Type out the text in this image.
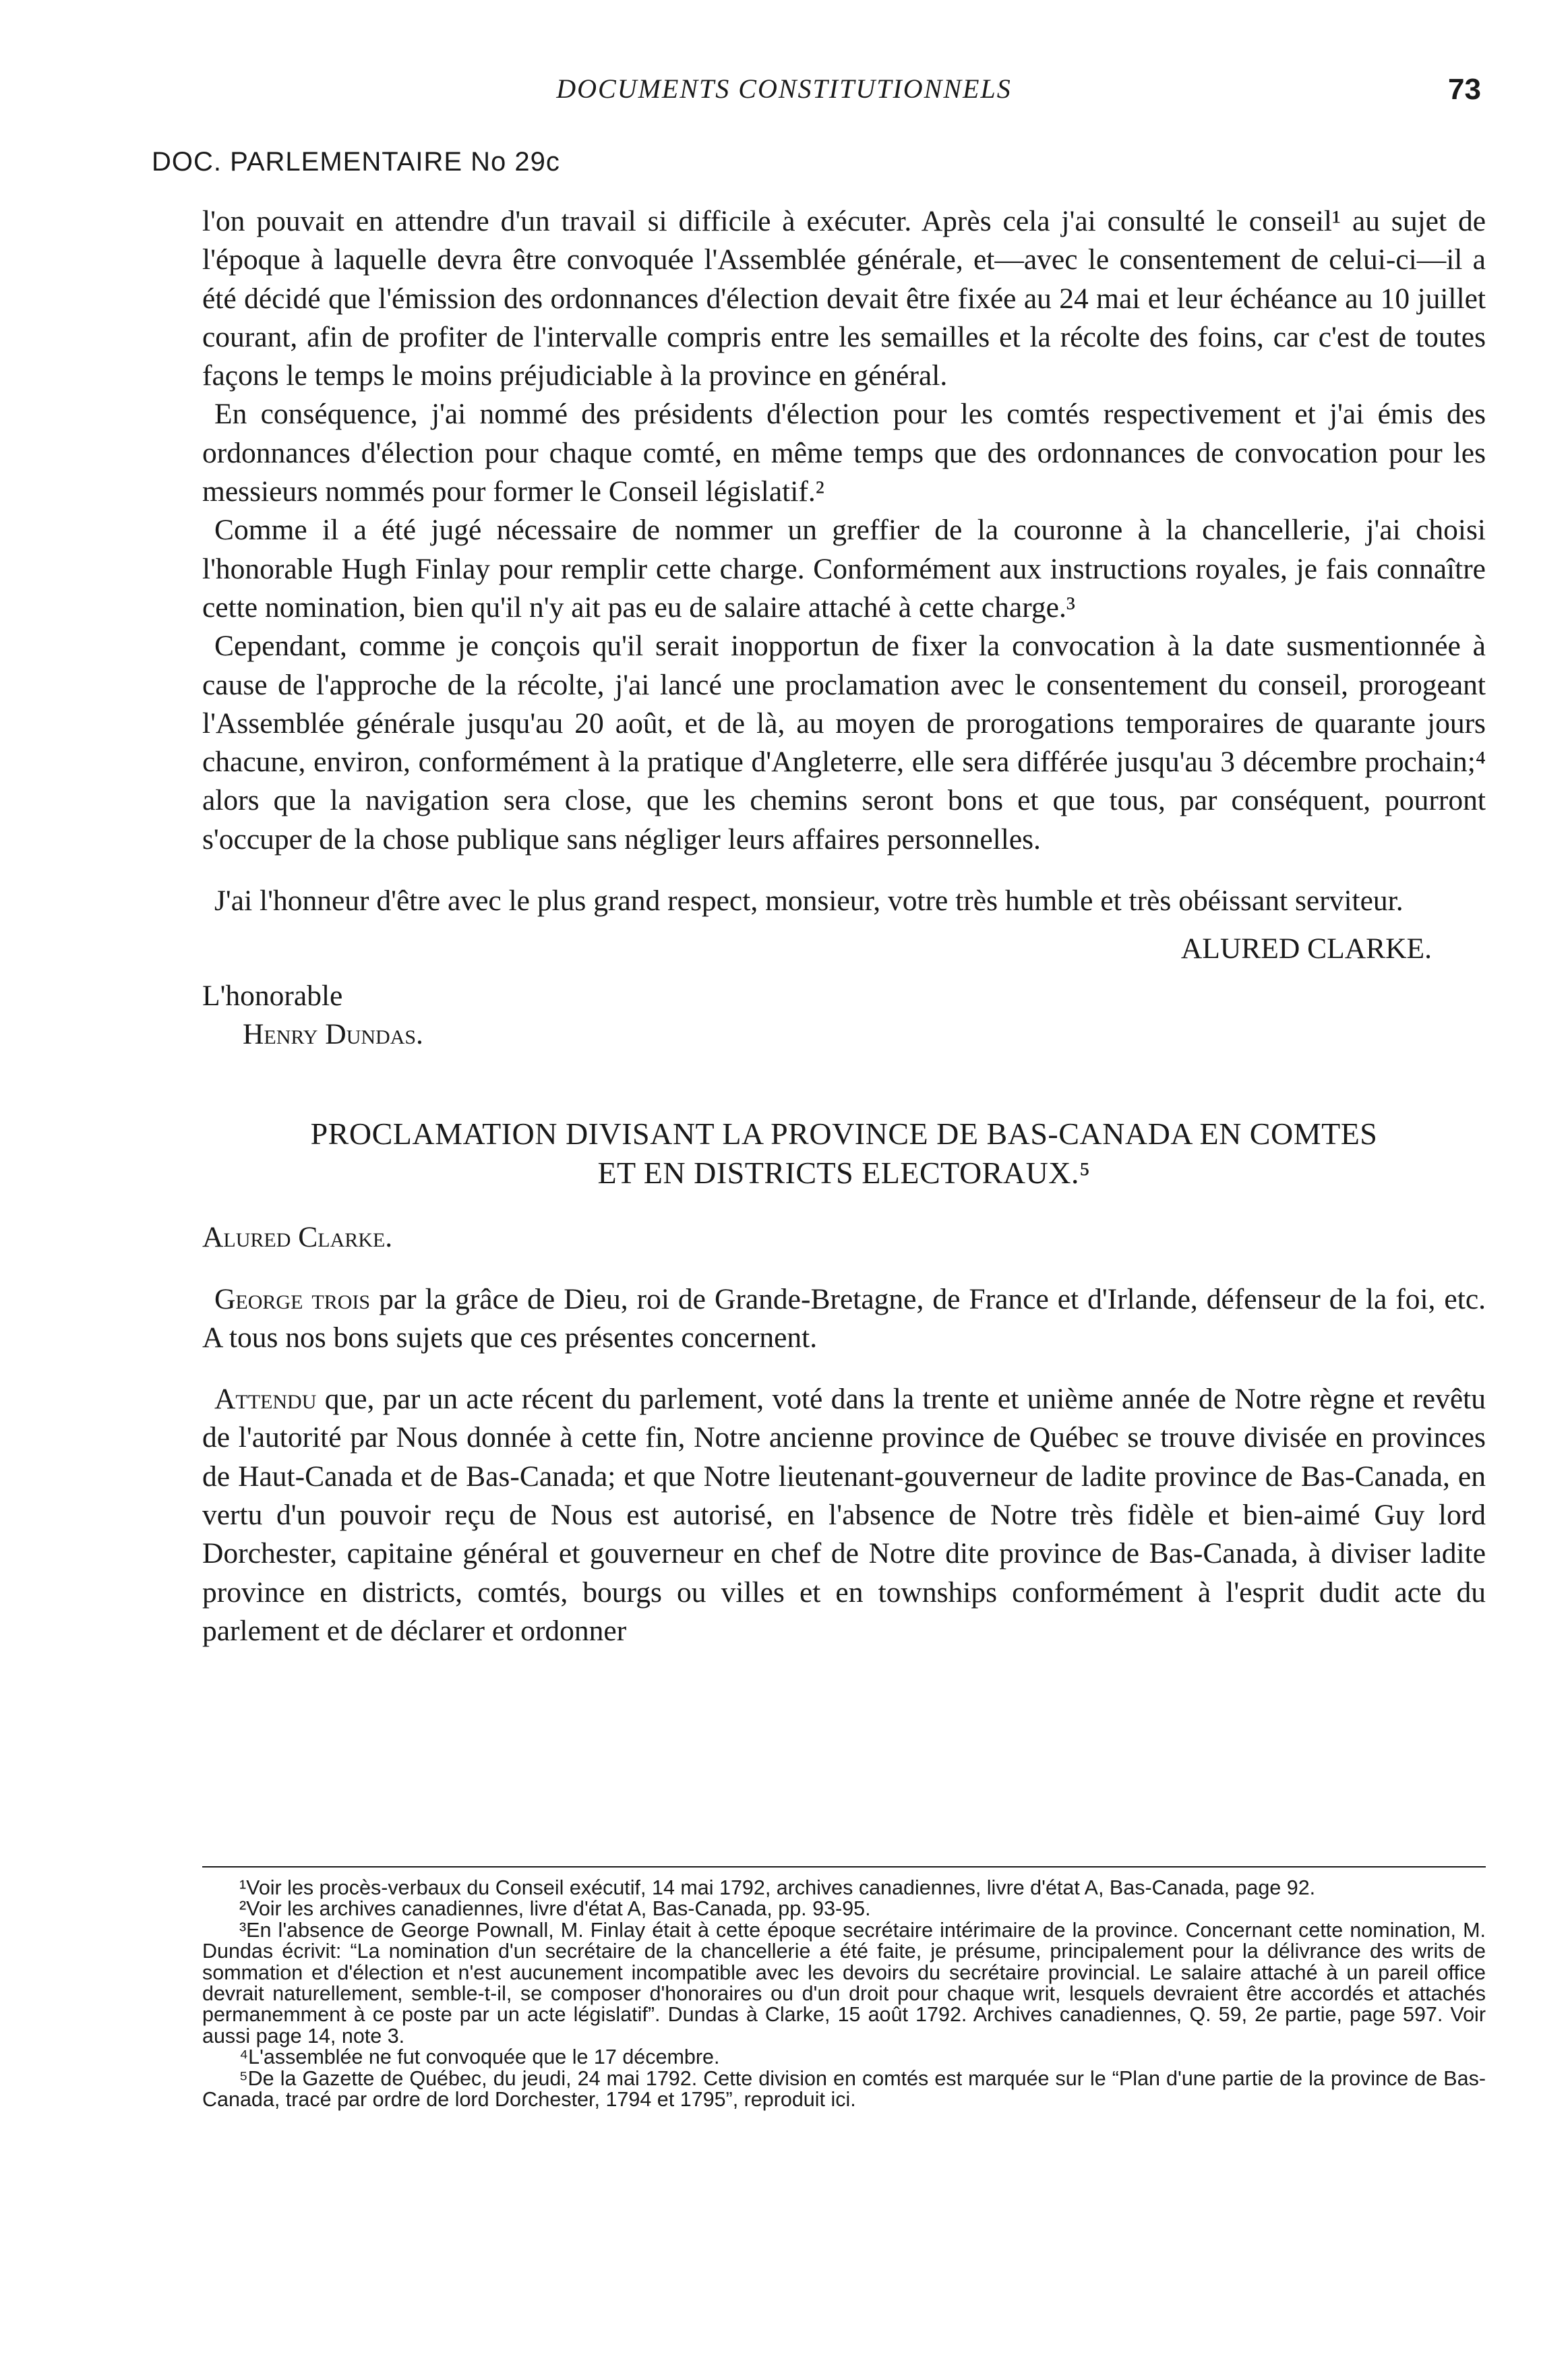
DOCUMENTS CONSTITUTIONNELS	73
DOC. PARLEMENTAIRE No 29c

l'on pouvait en attendre d'un travail si difficile à exécuter. Après cela j'ai consulté le conseil¹ au sujet de l'époque à laquelle devra être convoquée l'Assemblée générale, et—avec le consentement de celui-ci—il a été décidé que l'émission des ordonnances d'élection devait être fixée au 24 mai et leur échéance au 10 juillet courant, afin de profiter de l'intervalle compris entre les semailles et la récolte des foins, car c'est de toutes façons le temps le moins préjudiciable à la province en général.

En conséquence, j'ai nommé des présidents d'élection pour les comtés respectivement et j'ai émis des ordonnances d'élection pour chaque comté, en même temps que des ordonnances de convocation pour les messieurs nommés pour former le Conseil législatif.²

Comme il a été jugé nécessaire de nommer un greffier de la couronne à la chancellerie, j'ai choisi l'honorable Hugh Finlay pour remplir cette charge. Conformément aux instructions royales, je fais connaître cette nomination, bien qu'il n'y ait pas eu de salaire attaché à cette charge.³

Cependant, comme je conçois qu'il serait inopportun de fixer la convocation à la date susmentionnée à cause de l'approche de la récolte, j'ai lancé une proclamation avec le consentement du conseil, prorogeant l'Assemblée générale jusqu'au 20 août, et de là, au moyen de prorogations temporaires de quarante jours chacune, environ, conformément à la pratique d'Angleterre, elle sera différée jusqu'au 3 décembre prochain;⁴ alors que la navigation sera close, que les chemins seront bons et que tous, par conséquent, pourront s'occuper de la chose publique sans négliger leurs affaires personnelles.

J'ai l'honneur d'être avec le plus grand respect, monsieur, votre très humble et très obéissant serviteur.

ALURED CLARKE.

L'honorable

Henry Dundas.

PROCLAMATION DIVISANT LA PROVINCE DE BAS-CANADA EN COMTES
ET EN DISTRICTS ELECTORAUX.⁵

Alured Clarke.

George trois par la grâce de Dieu, roi de Grande-Bretagne, de France et d'Irlande, défenseur de la foi, etc. A tous nos bons sujets que ces présentes concernent.

Attendu que, par un acte récent du parlement, voté dans la trente et unième année de Notre règne et revêtu de l'autorité par Nous donnée à cette fin, Notre ancienne province de Québec se trouve divisée en provinces de Haut-Canada et de Bas-Canada; et que Notre lieutenant-gouverneur de ladite province de Bas-Canada, en vertu d'un pouvoir reçu de Nous est autorisé, en l'absence de Notre très fidèle et bien-aimé Guy lord Dorchester, capitaine général et gouverneur en chef de Notre dite province de Bas-Canada, à diviser ladite province en districts, comtés, bourgs ou villes et en townships conformément à l'esprit dudit acte du parlement et de déclarer et ordonner

¹Voir les procès-verbaux du Conseil exécutif, 14 mai 1792, archives canadiennes, livre d'état A, Bas-Canada, page 92.

²Voir les archives canadiennes, livre d'état A, Bas-Canada, pp. 93-95.

³En l'absence de George Pownall, M. Finlay était à cette époque secrétaire intérimaire de la province. Concernant cette nomination, M. Dundas écrivit: “La nomination d'un secrétaire de la chancellerie a été faite, je présume, principalement pour la délivrance des writs de sommation et d'élection et n'est aucunement incompatible avec les devoirs du secrétaire provincial. Le salaire attaché à un pareil office devrait naturellement, semble-t-il, se composer d'honoraires ou d'un droit pour chaque writ, lesquels devraient être accordés et attachés permanemment à ce poste par un acte législatif”. Dundas à Clarke, 15 août 1792. Archives canadiennes, Q. 59, 2e partie, page 597. Voir aussi page 14, note 3.

⁴L'assemblée ne fut convoquée que le 17 décembre.

⁵De la Gazette de Québec, du jeudi, 24 mai 1792. Cette division en comtés est marquée sur le “Plan d'une partie de la province de Bas-Canada, tracé par ordre de lord Dorchester, 1794 et 1795”, reproduit ici.
